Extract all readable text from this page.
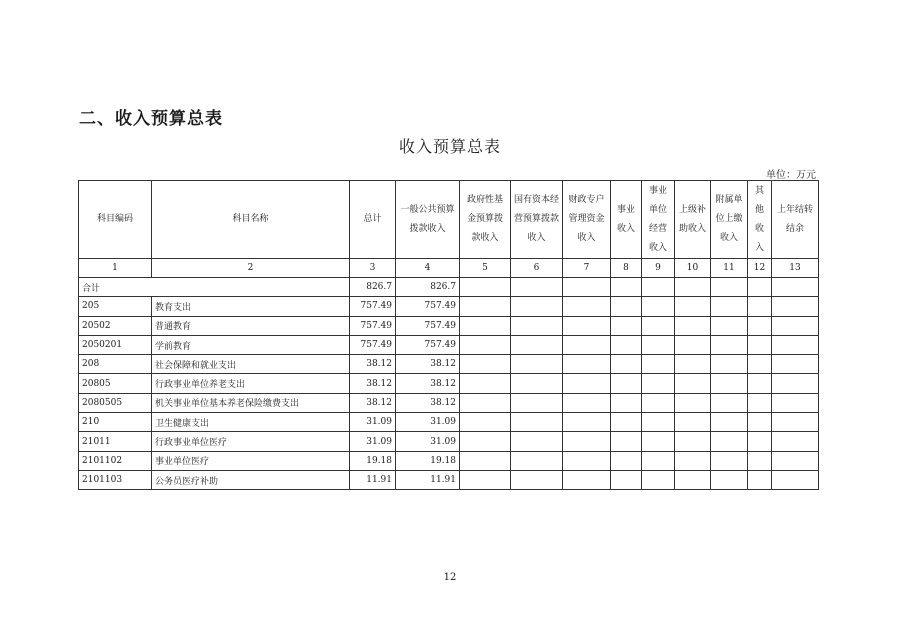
二、收入预算总表
收入预算总表
单位：万元
科目编码	科目名称	总计	一般公共预算拨款收入	政府性基金预算拨款收入	国有资本经营预算拨款收入	财政专户管理资金收入	事业收入	事业单位经营收入	上级补助收入	附属单位上缴收入	其他收入	上年结转结余
1	2	3	4	5	6	7	8	9	10	11	12	13
合计		826.7	826.7									
205	教育支出	757.49	757.49									
20502	普通教育	757.49	757.49									
2050201	学前教育	757.49	757.49									
208	社会保障和就业支出	38.12	38.12									
20805	行政事业单位养老支出	38.12	38.12									
2080505	机关事业单位基本养老保险缴费支出	38.12	38.12									
210	卫生健康支出	31.09	31.09									
21011	行政事业单位医疗	31.09	31.09									
2101102	事业单位医疗	19.18	19.18									
2101103	公务员医疗补助	11.91	11.91									
12
